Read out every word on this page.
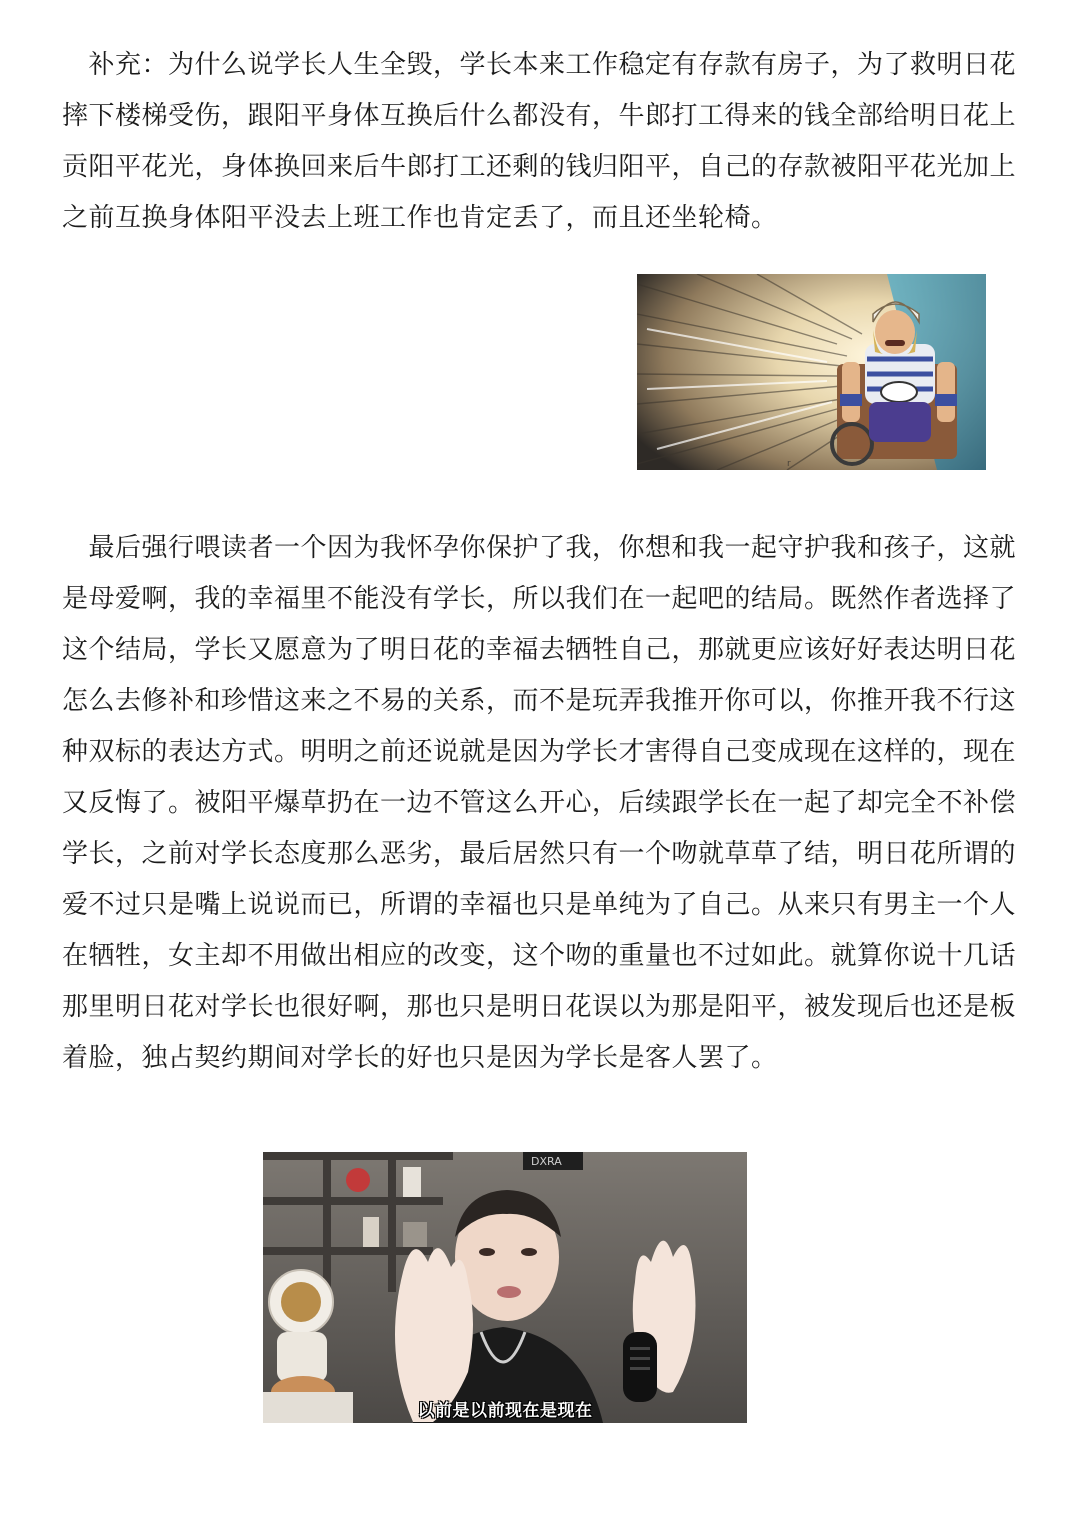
　补充：为什么说学长人生全毁，学长本来工作稳定有存款有房子，为了救明日花摔下楼梯受伤，跟阳平身体互换后什么都没有，牛郎打工得来的钱全部给明日花上贡阳平花光，身体换回来后牛郎打工还剩的钱归阳平，自己的存款被阳平花光加上之前互换身体阳平没去上班工作也肯定丢了，而且还坐轮椅。
r
　最后强行喂读者一个因为我怀孕你保护了我，你想和我一起守护我和孩子，这就是母爱啊，我的幸福里不能没有学长，所以我们在一起吧的结局。既然作者选择了这个结局，学长又愿意为了明日花的幸福去牺牲自己，那就更应该好好表达明日花怎么去修补和珍惜这来之不易的关系，而不是玩弄我推开你可以，你推开我不行这种双标的表达方式。明明之前还说就是因为学长才害得自己变成现在这样的，现在又反悔了。被阳平爆草扔在一边不管这么开心，后续跟学长在一起了却完全不补偿学长，之前对学长态度那么恶劣，最后居然只有一个吻就草草了结，明日花所谓的爱不过只是嘴上说说而已，所谓的幸福也只是单纯为了自己。从来只有男主一个人在牺牲，女主却不用做出相应的改变，这个吻的重量也不过如此。就算你说十几话那里明日花对学长也很好啊，那也只是明日花误以为那是阳平，被发现后也还是板着脸，独占契约期间对学长的好也只是因为学长是客人罢了。
DXRA
以前是以前现在是现在
